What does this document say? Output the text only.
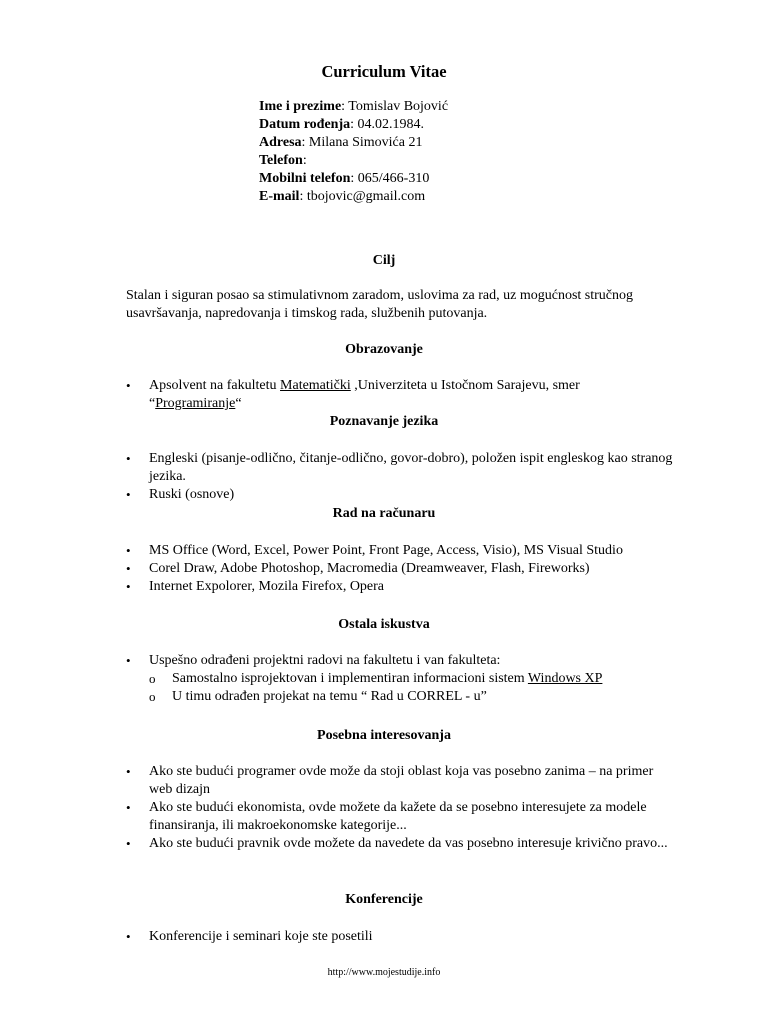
Curriculum Vitae
Ime i prezime: Tomislav Bojović
Datum rođenja: 04.02.1984.
Adresa: Milana Simovića 21
Telefon:
Mobilni telefon: 065/466-310
E-mail: tbojovic@gmail.com
Cilj
Stalan i siguran posao sa stimulativnom zaradom, uslovima za rad, uz mogućnost stručnog usavršavanja, napredovanja i timskog rada, službenih putovanja.
Obrazovanje
•	Apsolvent na fakultetu Matematički ,Univerziteta u Istočnom Sarajevu, smer
“Programiranje“
Poznavanje jezika
•	Engleski (pisanje-odlično, čitanje-odlično, govor-dobro), položen ispit engleskog kao stranog jezika.
•	Ruski (osnove)
Rad na računaru
•	MS Office (Word, Excel, Power Point, Front Page, Access, Visio), MS Visual Studio
•	Corel Draw, Adobe Photoshop, Macromedia (Dreamweaver, Flash, Fireworks)
•	Internet Expolorer, Mozila Firefox, Opera
Ostala iskustva
•	Uspešno odrađeni projektni radovi na fakultetu i van fakulteta:
o	Samostalno isprojektovan i implementiran informacioni sistem Windows XP
o	U timu odrađen projekat na temu “ Rad u CORREL - u”
Posebna interesovanja
•	Ako ste budući programer ovde može da stoji oblast koja vas posebno zanima – na primer web dizajn
•	Ako ste budući ekonomista, ovde možete da kažete da se posebno interesujete za modele finansiranja, ili makroekonomske kategorije...
•	Ako ste budući pravnik ovde možete da navedete da vas posebno interesuje krivično pravo...
Konferencije
•	Konferencije i seminari koje ste posetili
http://www.mojestudije.info
